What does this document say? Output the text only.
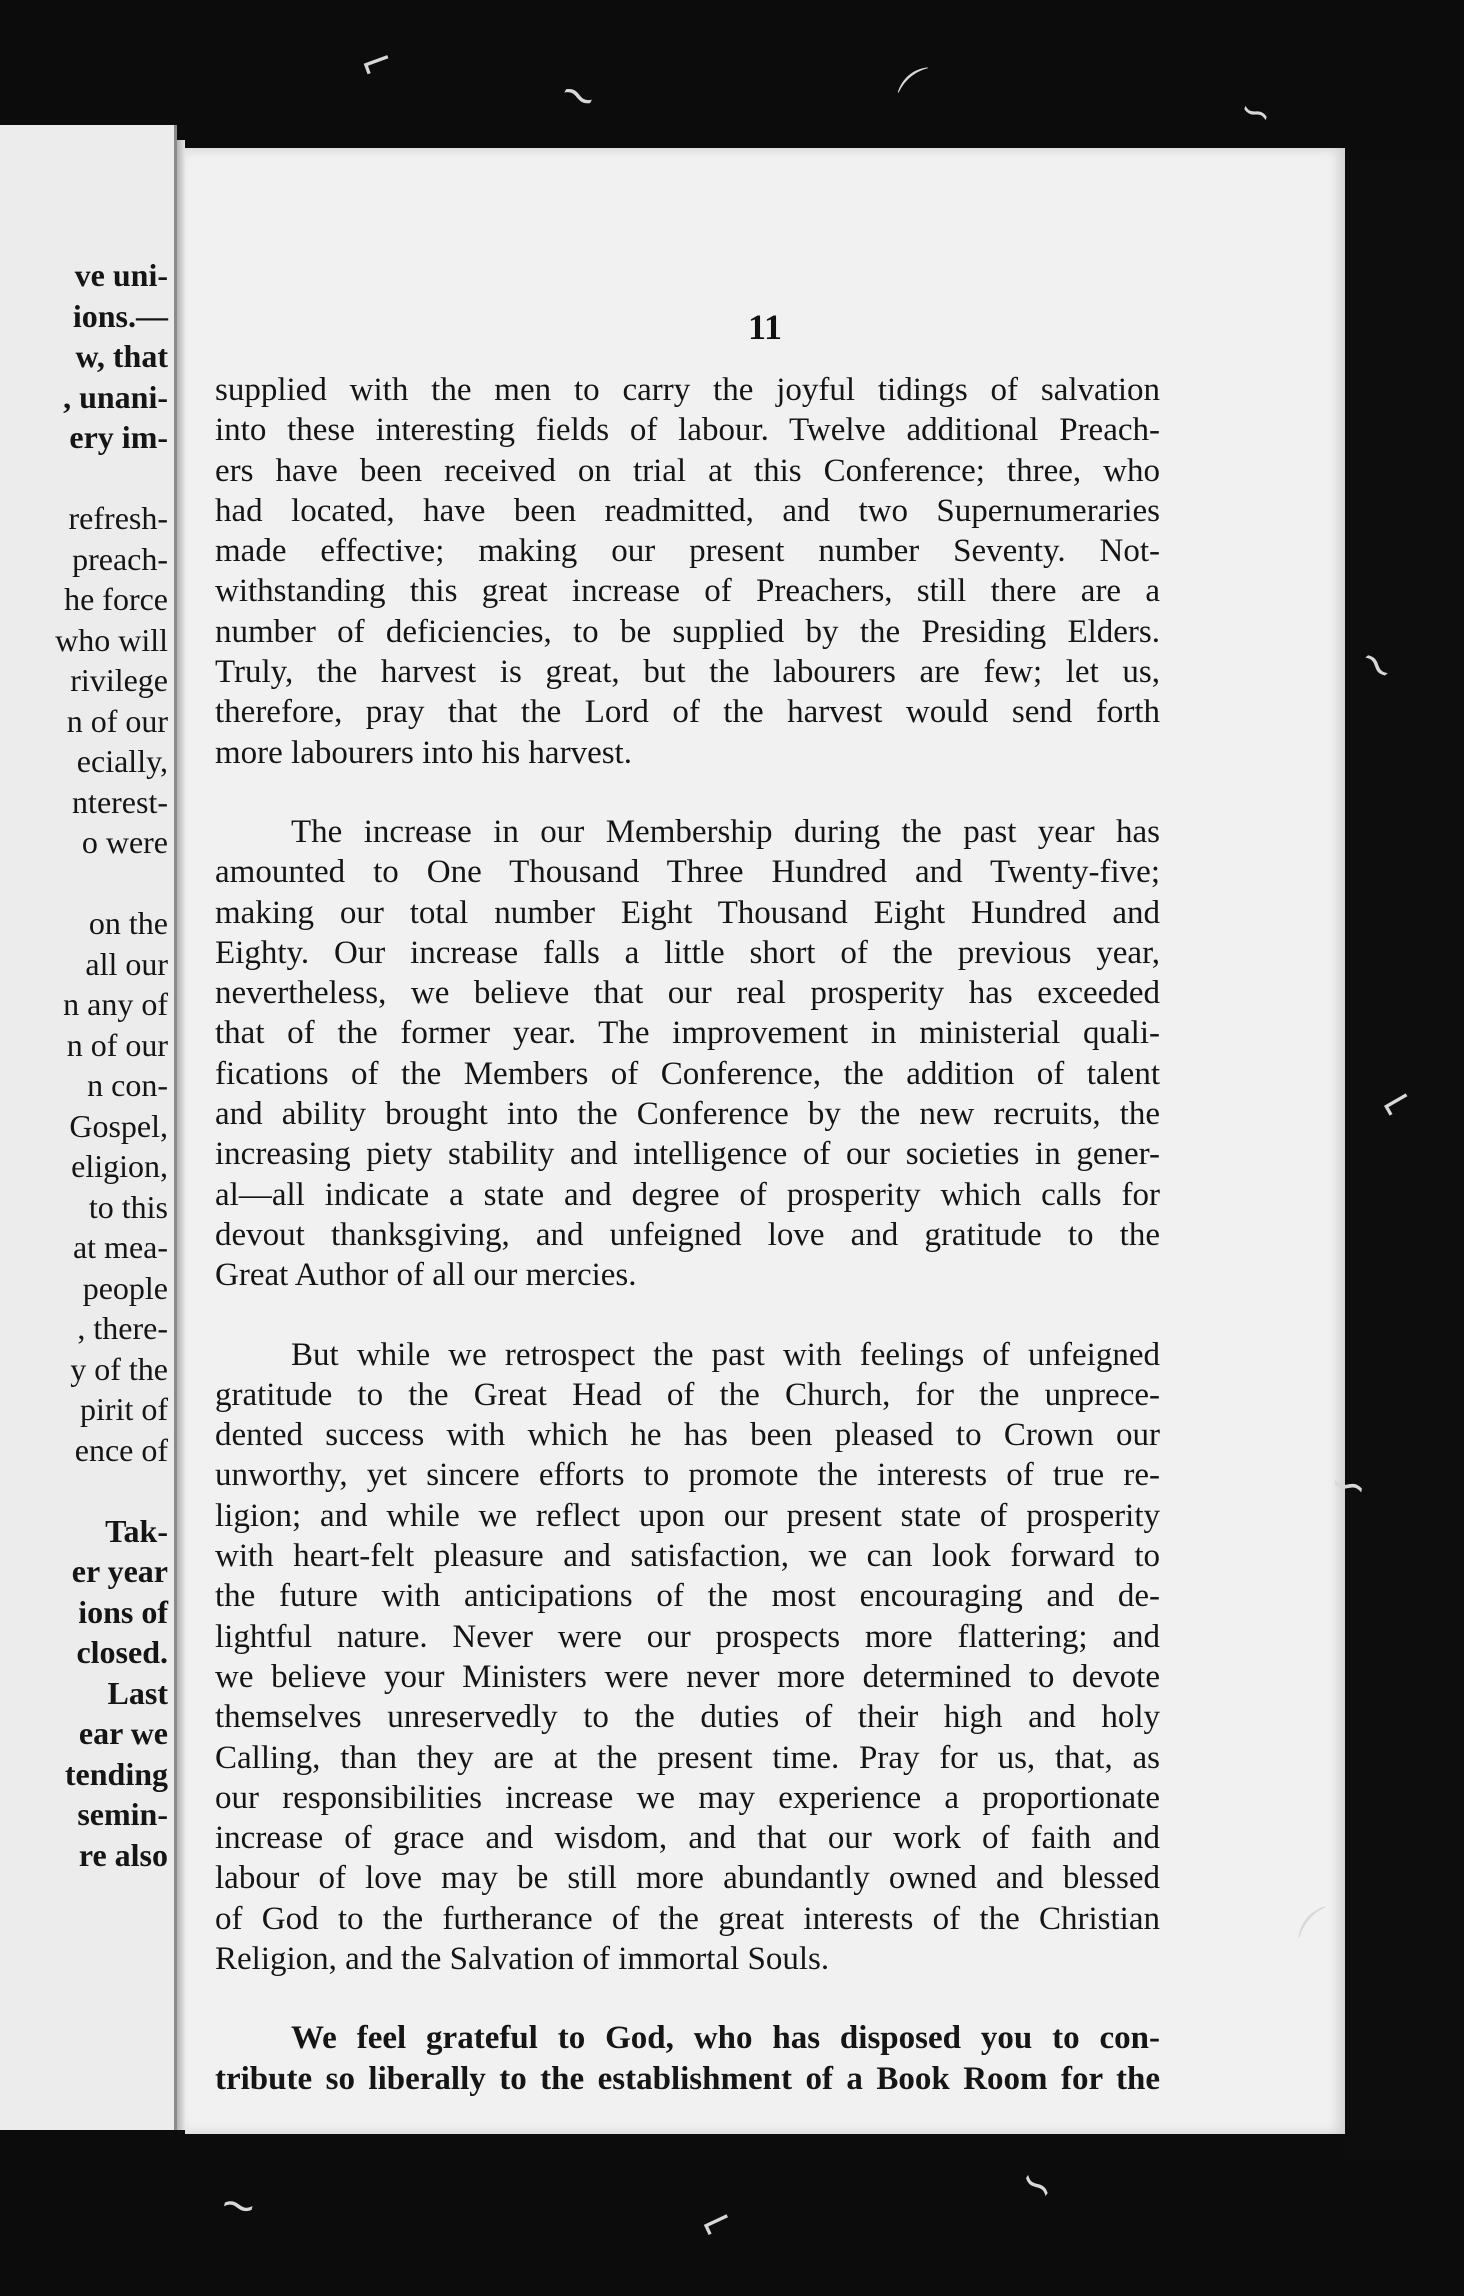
ve uni-
ions.—
w, that
, unani-
ery im-
refresh-
preach-
he force
who will
rivilege
n of our
ecially,
nterest-
o were
on the
all our
n any of
n of our
n con-
Gospel,
eligion,
to this
at mea-
people
, there-
y of the
pirit of
ence of
Tak-
er year
ions of
closed.
Last
ear we
tending
semin-
re also
11
supplied with the men to carry the joyful tidings of salvation
into these interesting fields of labour. Twelve additional Preach-
ers have been received on trial at this Conference; three, who
had located, have been readmitted, and two Supernumeraries
made effective; making our present number Seventy. Not-
withstanding this great increase of Preachers, still there are a
number of deficiencies, to be supplied by the Presiding Elders.
Truly, the harvest is great, but the labourers are few; let us,
therefore, pray that the Lord of the harvest would send forth
more labourers into his harvest.
The increase in our Membership during the past year has
amounted to One Thousand Three Hundred and Twenty-five;
making our total number Eight Thousand Eight Hundred and
Eighty. Our increase falls a little short of the previous year,
nevertheless, we believe that our real prosperity has exceeded
that of the former year. The improvement in ministerial quali-
fications of the Members of Conference, the addition of talent
and ability brought into the Conference by the new recruits, the
increasing piety stability and intelligence of our societies in gener-
al—all indicate a state and degree of prosperity which calls for
devout thanksgiving, and unfeigned love and gratitude to the
Great Author of all our mercies.
But while we retrospect the past with feelings of unfeigned
gratitude to the Great Head of the Church, for the unprece-
dented success with which he has been pleased to Crown our
unworthy, yet sincere efforts to promote the interests of true re-
ligion; and while we reflect upon our present state of prosperity
with heart-felt pleasure and satisfaction, we can look forward to
the future with anticipations of the most encouraging and de-
lightful nature. Never were our prospects more flattering; and
we believe your Ministers were never more determined to devote
themselves unreservedly to the duties of their high and holy
Calling, than they are at the present time. Pray for us, that, as
our responsibilities increase we may experience a proportionate
increase of grace and wisdom, and that our work of faith and
labour of love may be still more abundantly owned and blessed
of God to the furtherance of the great interests of the Christian
Religion, and the Salvation of immortal Souls.
We feel grateful to God, who has disposed you to con-
tribute so liberally to the establishment of a Book Room for the
⌐
∼	⌒	∽
∼
⌐
∽
⌒
∼	⌐
∽
